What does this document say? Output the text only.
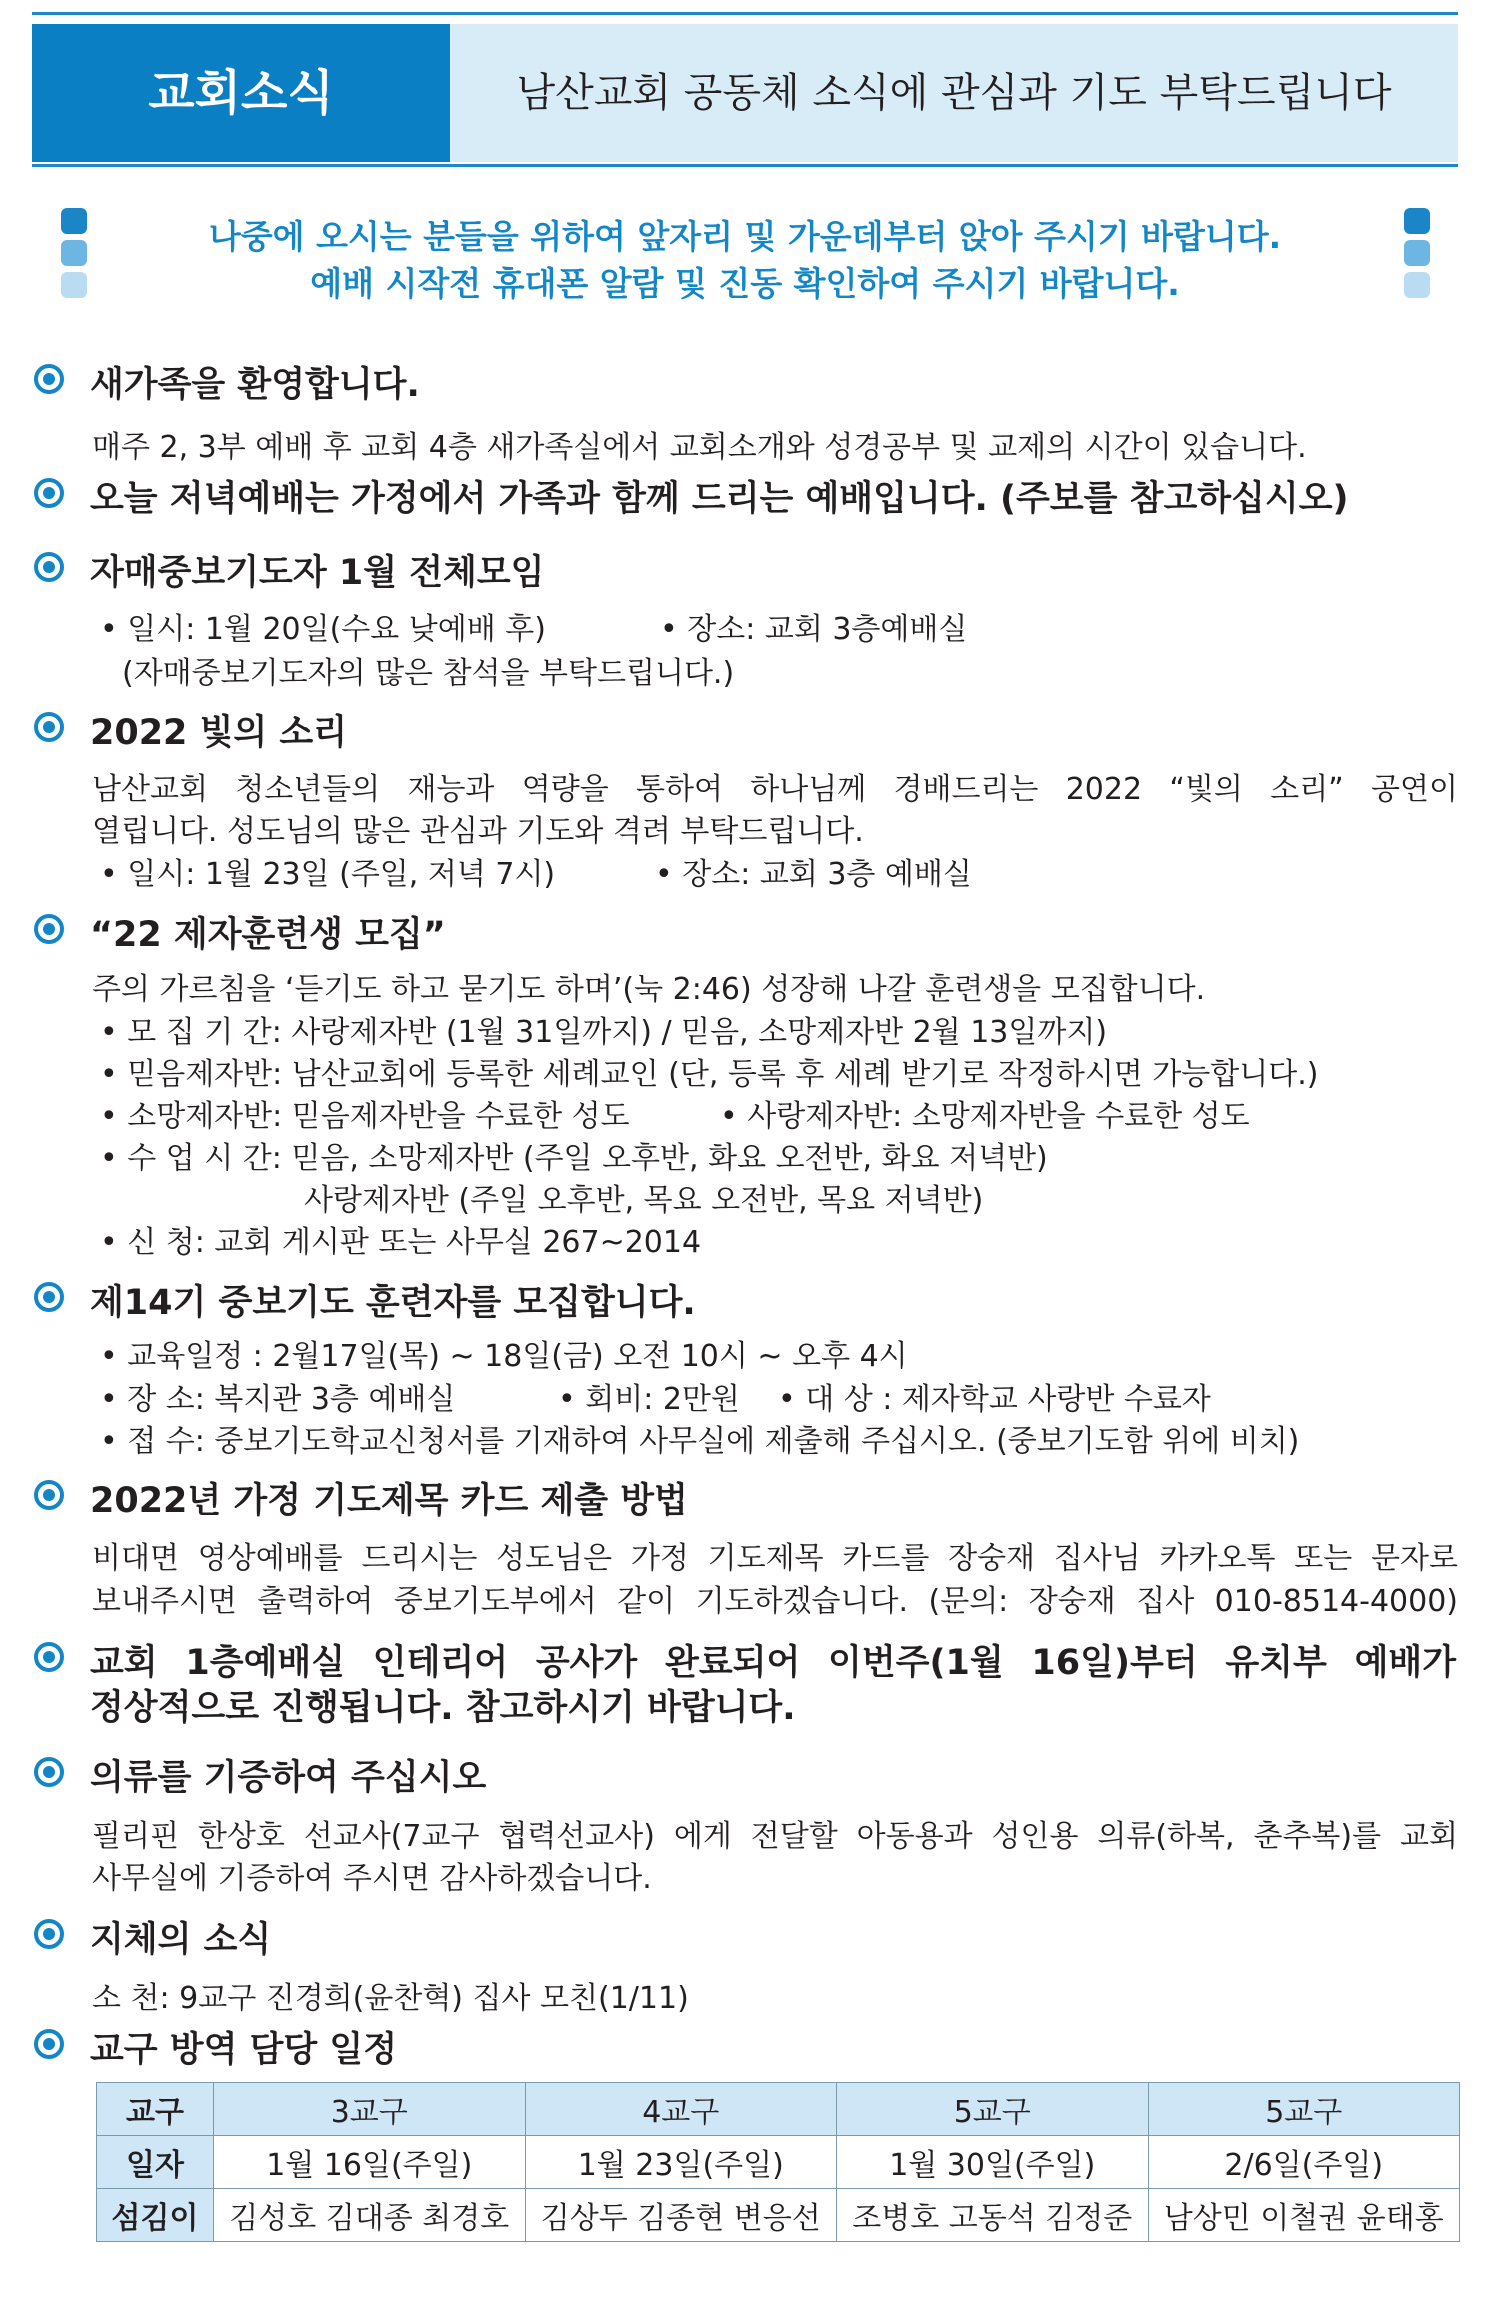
교회소식	남산교회 공동체 소식에 관심과 기도 부탁드립니다
나중에 오시는 분들을 위하여 앞자리 및 가운데부터 앉아 주시기 바랍니다.
예배 시작전 휴대폰 알람 및 진동 확인하여 주시기 바랍니다.
새가족을 환영합니다.
매주 2, 3부 예배 후 교회 4층 새가족실에서 교회소개와 성경공부 및 교제의 시간이 있습니다.
오늘 저녁예배는 가정에서 가족과 함께 드리는 예배입니다. (주보를 참고하십시오)
자매중보기도자 1월 전체모임
• 일시: 1월 20일(수요 낮예배 후)	• 장소: 교회 3층예배실
(자매중보기도자의 많은 참석을 부탁드립니다.)
2022 빛의 소리
남산교회 청소년들의 재능과 역량을 통하여 하나님께 경배드리는 2022 “빛의 소리” 공연이
열립니다. 성도님의 많은 관심과 기도와 격려 부탁드립니다.
• 일시: 1월 23일 (주일, 저녁 7시)	• 장소: 교회 3층 예배실
“22 제자훈련생 모집”
주의 가르침을 ‘듣기도 하고 묻기도 하며’(눅 2:46) 성장해 나갈 훈련생을 모집합니다.
• 모 집 기 간: 사랑제자반 (1월 31일까지) / 믿음, 소망제자반 2월 13일까지)
• 믿음제자반: 남산교회에 등록한 세례교인 (단, 등록 후 세례 받기로 작정하시면 가능합니다.)
• 소망제자반: 믿음제자반을 수료한 성도	• 사랑제자반: 소망제자반을 수료한 성도
• 수 업 시 간: 믿음, 소망제자반 (주일 오후반, 화요 오전반, 화요 저녁반)
사랑제자반 (주일 오후반, 목요 오전반, 목요 저녁반)
• 신 청: 교회 게시판 또는 사무실 267~2014
제14기 중보기도 훈련자를 모집합니다.
• 교육일정 : 2월17일(목) ~ 18일(금) 오전 10시 ~ 오후 4시
• 장 소: 복지관 3층 예배실	• 회비: 2만원 • 대 상 : 제자학교 사랑반 수료자
• 접 수: 중보기도학교신청서를 기재하여 사무실에 제출해 주십시오. (중보기도함 위에 비치)
2022년 가정 기도제목 카드 제출 방법
비대면 영상예배를 드리시는 성도님은 가정 기도제목 카드를 장숭재 집사님 카카오톡 또는 문자로
보내주시면 출력하여 중보기도부에서 같이 기도하겠습니다. (문의: 장숭재 집사 010-8514-4000)
교회 1층예배실 인테리어 공사가 완료되어 이번주(1월 16일)부터 유치부 예배가
정상적으로 진행됩니다. 참고하시기 바랍니다.
의류를 기증하여 주십시오
필리핀 한상호 선교사(7교구 협력선교사) 에게 전달할 아동용과 성인용 의류(하복, 춘추복)를 교회
사무실에 기증하여 주시면 감사하겠습니다.
지체의 소식
소 천: 9교구 진경희(윤찬혁) 집사 모친(1/11)
교구 방역 담당 일정
교구	3교구	4교구	5교구	5교구
일자	1월 16일(주일)	1월 23일(주일)	1월 30일(주일)	2/6일(주일)
섬김이	김성호 김대종 최경호	김상두 김종현 변응선	조병호 고동석 김정준	남상민 이철권 윤태홍
